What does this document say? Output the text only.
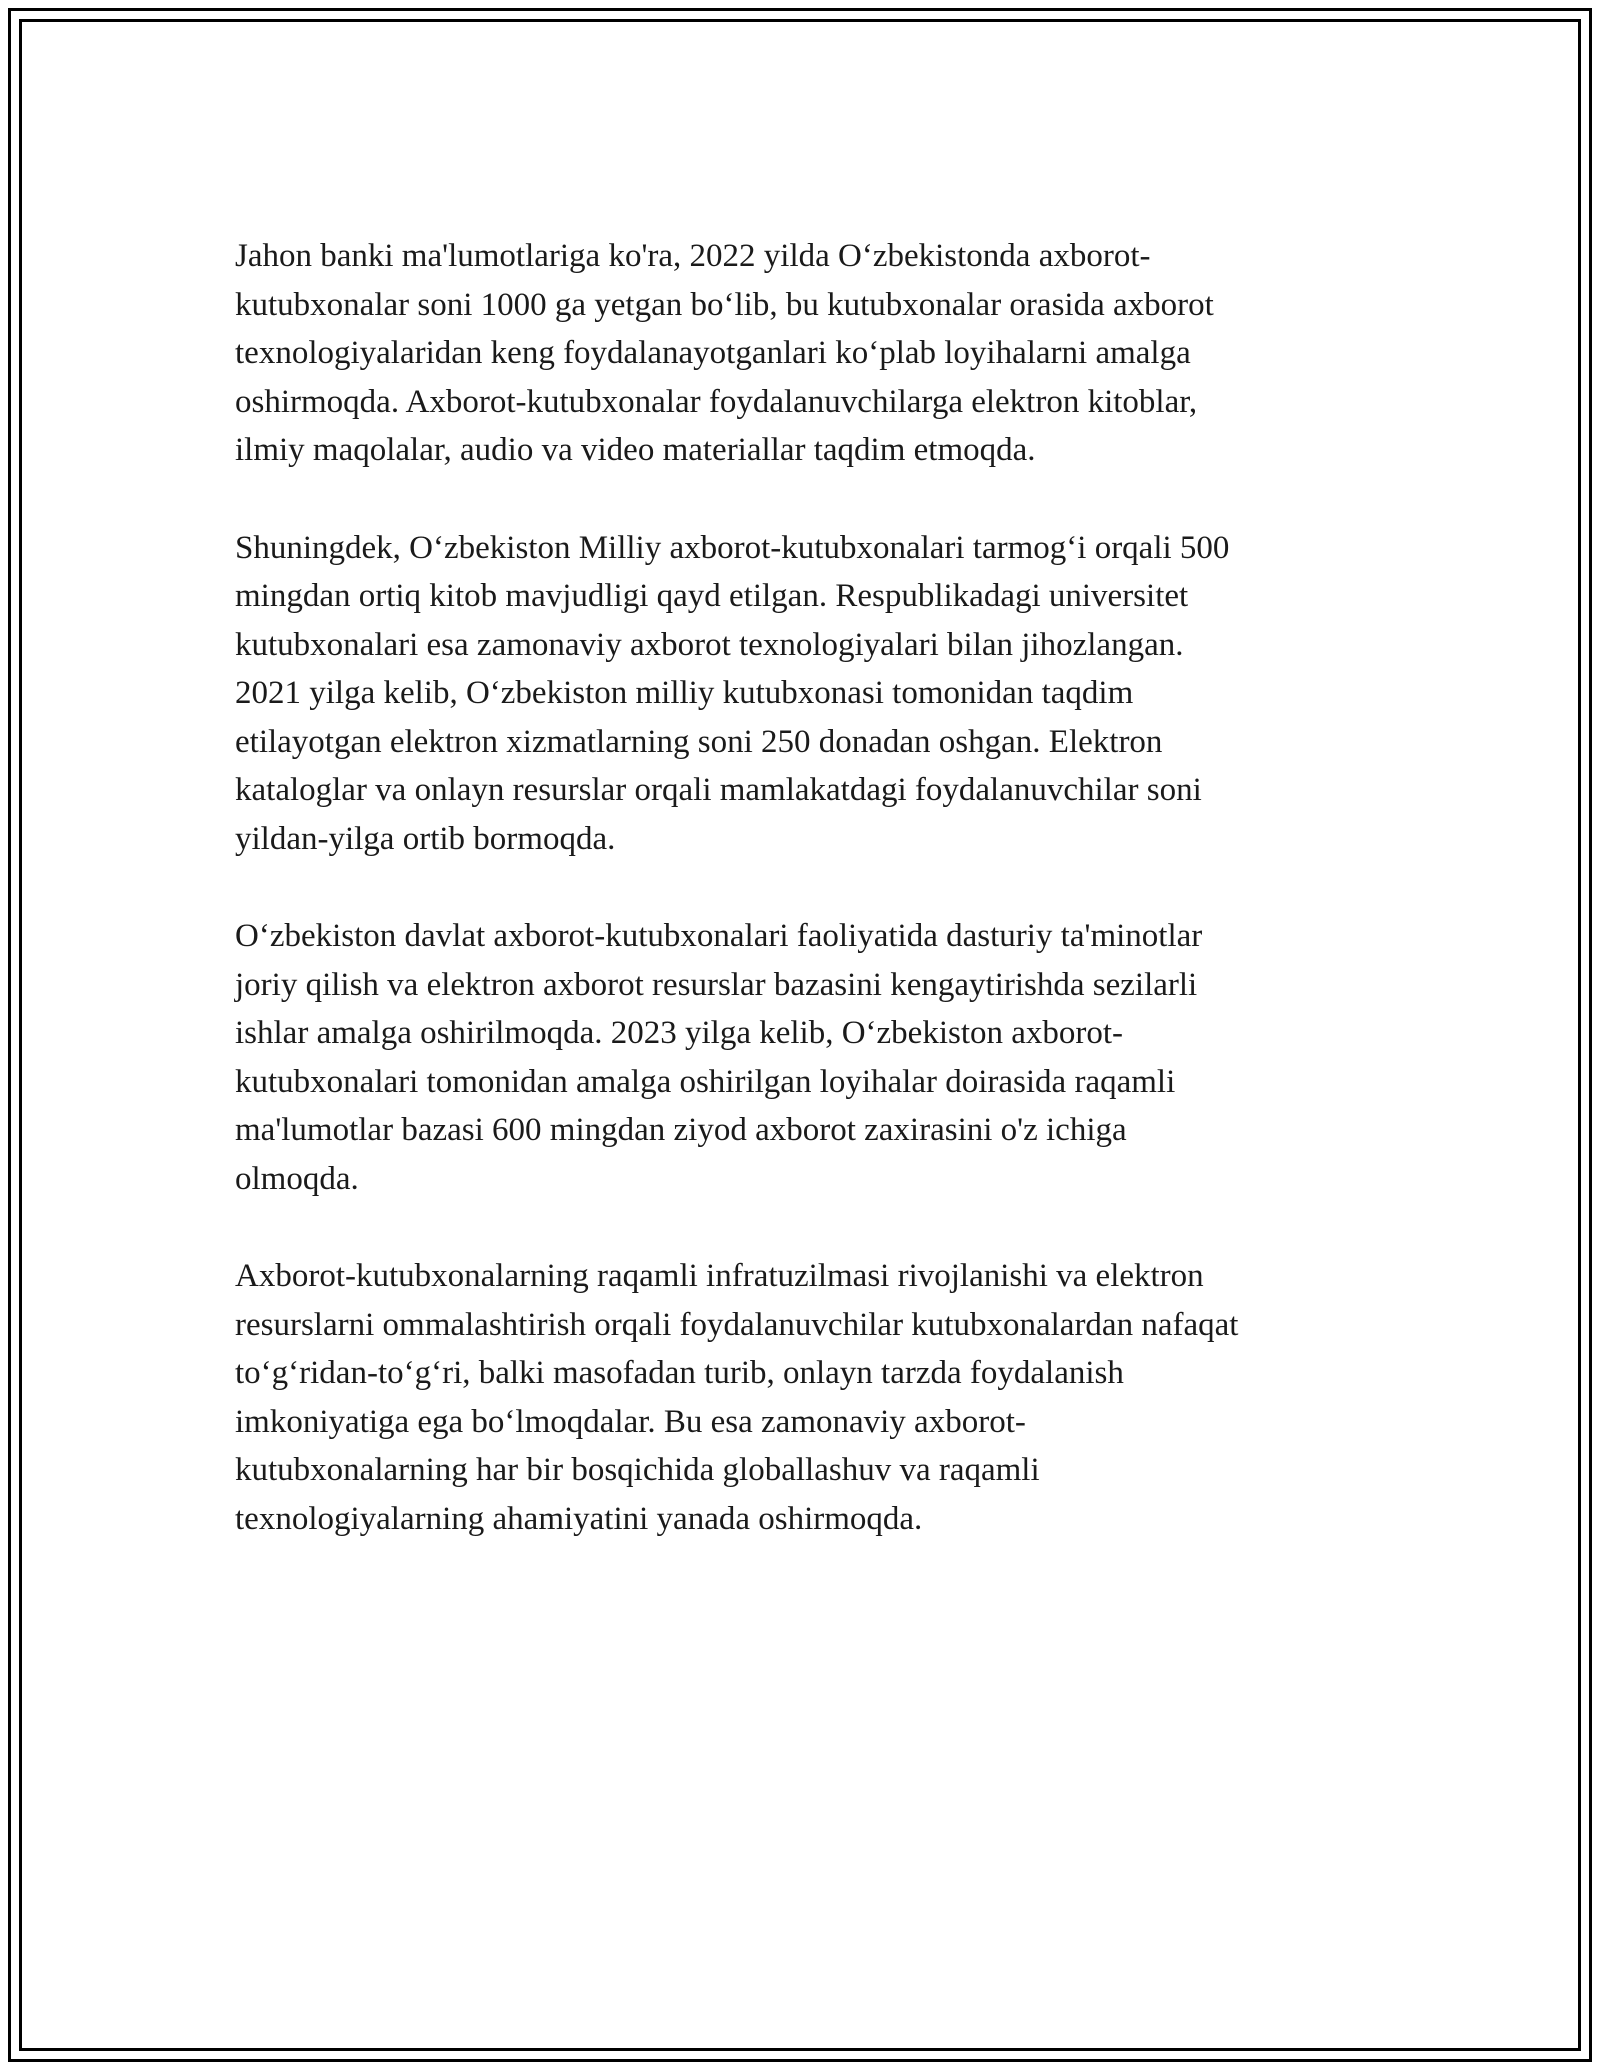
Jahon banki ma'lumotlariga ko'ra, 2022 yilda O‘zbekistonda axborot-
kutubxonalar soni 1000 ga yetgan bo‘lib, bu kutubxonalar orasida axborot
texnologiyalaridan keng foydalanayotganlari ko‘plab loyihalarni amalga
oshirmoqda. Axborot-kutubxonalar foydalanuvchilarga elektron kitoblar,
ilmiy maqolalar, audio va video materiallar taqdim etmoqda.

Shuningdek, O‘zbekiston Milliy axborot-kutubxonalari tarmog‘i orqali 500
mingdan ortiq kitob mavjudligi qayd etilgan. Respublikadagi universitet
kutubxonalari esa zamonaviy axborot texnologiyalari bilan jihozlangan.
2021 yilga kelib, O‘zbekiston milliy kutubxonasi tomonidan taqdim
etilayotgan elektron xizmatlarning soni 250 donadan oshgan. Elektron
kataloglar va onlayn resurslar orqali mamlakatdagi foydalanuvchilar soni
yildan-yilga ortib bormoqda.

O‘zbekiston davlat axborot-kutubxonalari faoliyatida dasturiy ta'minotlar
joriy qilish va elektron axborot resurslar bazasini kengaytirishda sezilarli
ishlar amalga oshirilmoqda. 2023 yilga kelib, O‘zbekiston axborot-
kutubxonalari tomonidan amalga oshirilgan loyihalar doirasida raqamli
ma'lumotlar bazasi 600 mingdan ziyod axborot zaxirasini o'z ichiga
olmoqda.

Axborot-kutubxonalarning raqamli infratuzilmasi rivojlanishi va elektron
resurslarni ommalashtirish orqali foydalanuvchilar kutubxonalardan nafaqat
to‘g‘ridan-to‘g‘ri, balki masofadan turib, onlayn tarzda foydalanish
imkoniyatiga ega bo‘lmoqdalar. Bu esa zamonaviy axborot-
kutubxonalarning har bir bosqichida globallashuv va raqamli
texnologiyalarning ahamiyatini yanada oshirmoqda.
